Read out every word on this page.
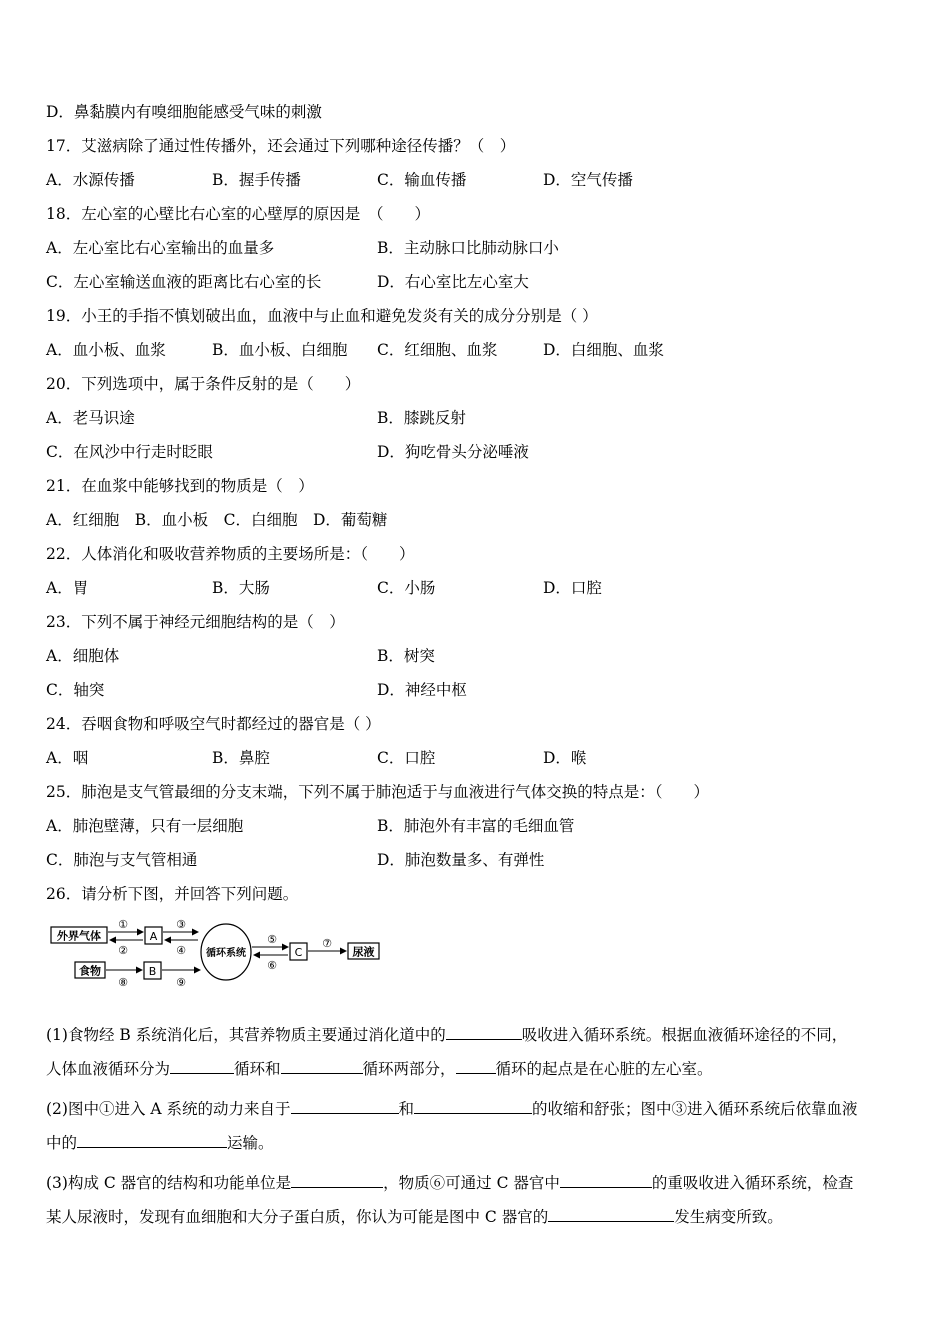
D．鼻黏膜内有嗅细胞能感受气味的刺激
17．艾滋病除了通过性传播外，还会通过下列哪种途径传播？（　）
A．水源传播	B．握手传播	C．输血传播	D．空气传播
18．左心室的心壁比右心室的心壁厚的原因是　（　　）
A．左心室比右心室输出的血量多	B．主动脉口比肺动脉口小
C．左心室输送血液的距离比右心室的长	D．右心室比左心室大
19．小王的手指不慎划破出血，血液中与止血和避免发炎有关的成分分别是（ ）
A．血小板、血浆	B．血小板、白细胞 C．红细胞、血浆	D．白细胞、血浆
20．下列选项中，属于条件反射的是（　　）
A．老马识途	B．膝跳反射
C．在风沙中行走时眨眼	D．狗吃骨头分泌唾液
21．在血浆中能够找到的物质是（　）
A．红细胞　B．血小板　C．白细胞　D．葡萄糖
22．人体消化和吸收营养物质的主要场所是：（　　）
A．胃	B．大肠	C．小肠	D．口腔
23．下列不属于神经元细胞结构的是（　）
A．细胞体	B．树突
C．轴突	D．神经中枢
24．吞咽食物和呼吸空气时都经过的器官是（ ）
A．咽	B．鼻腔	C．口腔	D．喉
25．肺泡是支气管最细的分支末端，下列不属于肺泡适于与血液进行气体交换的特点是：（　　）
A．肺泡壁薄，只有一层细胞	B．肺泡外有丰富的毛细血管
C．肺泡与支气管相通	D．肺泡数量多、有弹性
26．请分析下图，并回答下列问题。
外界气体
①
②
A
③
④
食物
⑧
B
⑨
循环系统
⑤
⑥
C
⑦
尿液
(1)食物经 B 系统消化后，其营养物质主要通过消化道中的	吸收进入循环系统。根据血液循环途径的不同，
人体血液循环分为	循环和	循环两部分，	循环的起点是在心脏的左心室。
(2)图中①进入 A 系统的动力来自于	和	的收缩和舒张；图中③进入循环系统后依靠血液
中的	运输。
(3)构成 C 器官的结构和功能单位是	，物质⑥可通过 C 器官中	的重吸收进入循环系统，检查
某人尿液时，发现有血细胞和大分子蛋白质，你认为可能是图中 C 器官的	发生病变所致。
